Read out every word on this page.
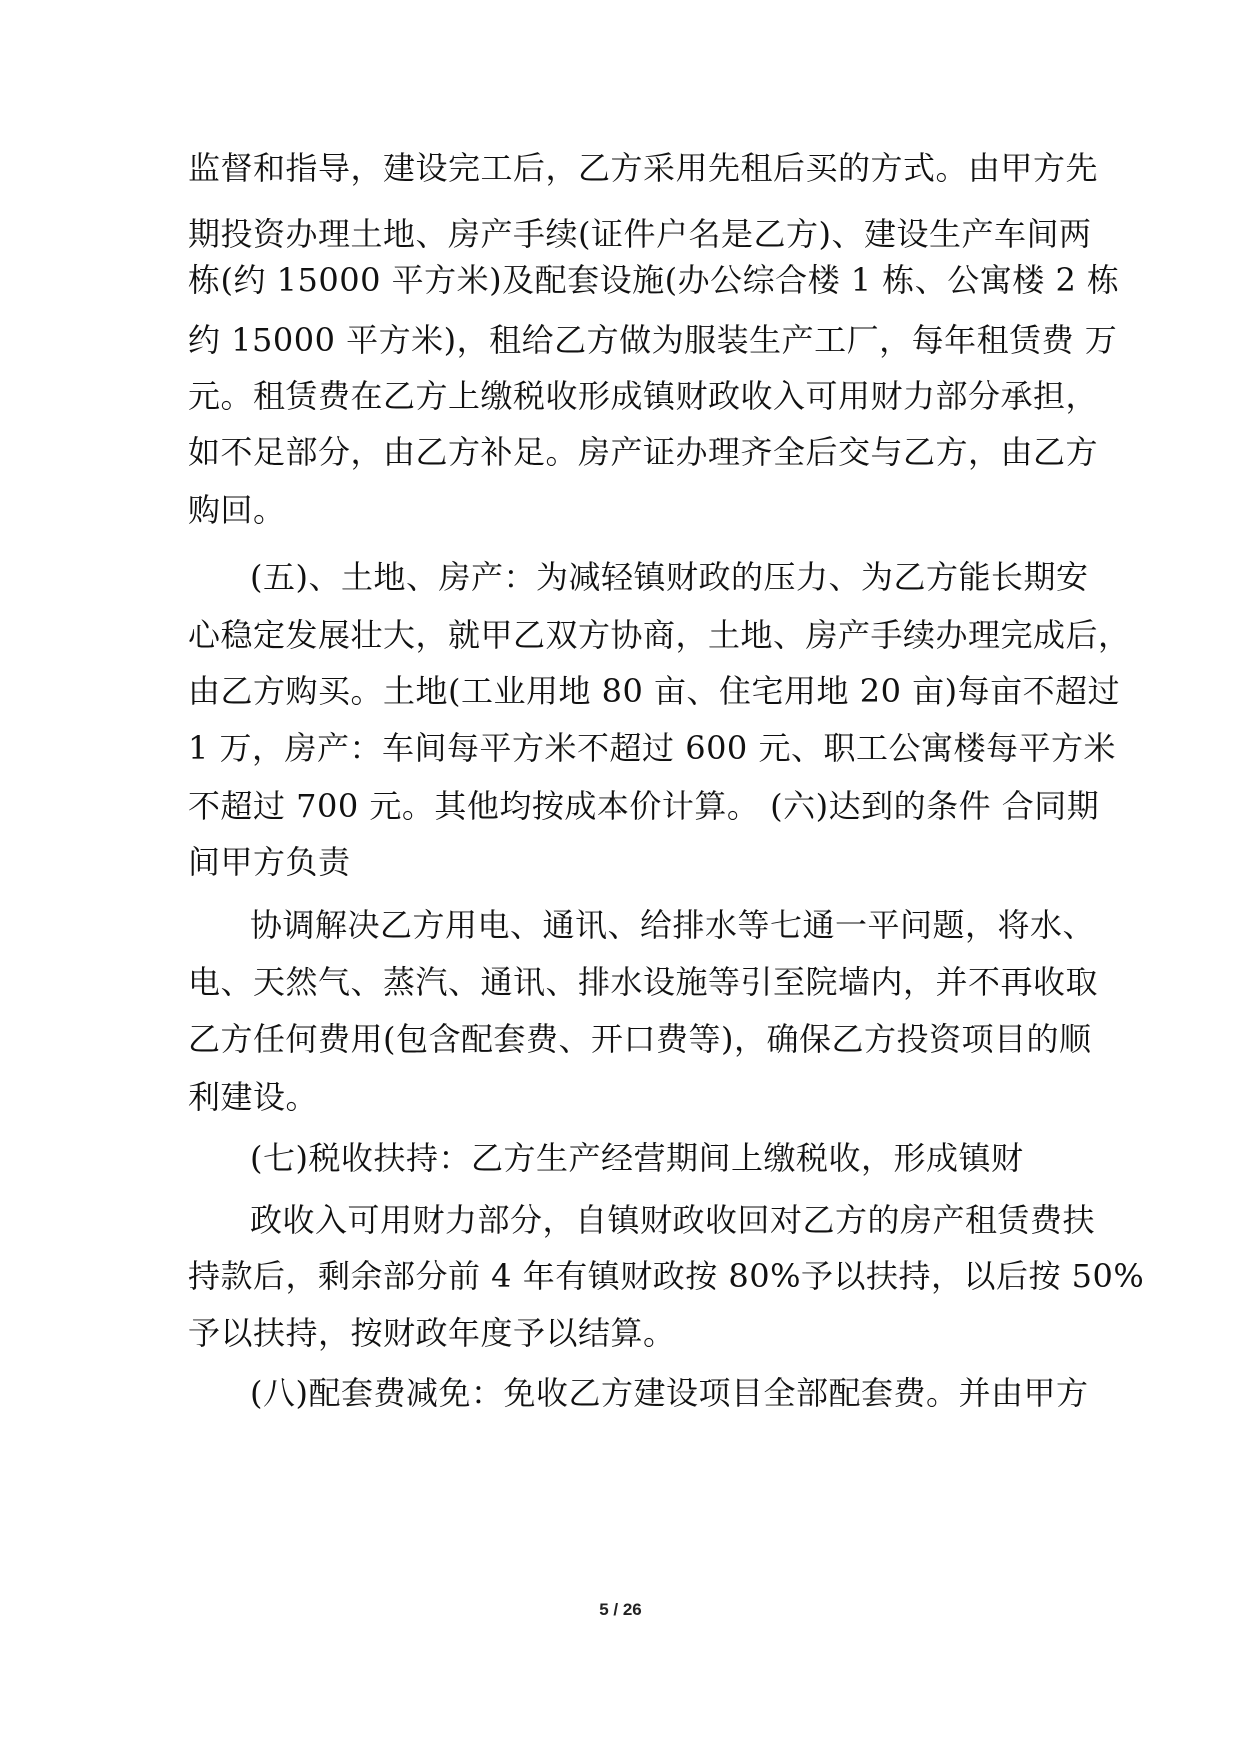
监督和指导，建设完工后，乙方采用先租后买的方式。由甲方先
期投资办理土地、房产手续(证件户名是乙方)、建设生产车间两
栋(约 15000 平方米)及配套设施(办公综合楼 1 栋、公寓楼 2 栋
约 15000 平方米)，租给乙方做为服装生产工厂，每年租赁费 万
元。租赁费在乙方上缴税收形成镇财政收入可用财力部分承担，
如不足部分，由乙方补足。房产证办理齐全后交与乙方，由乙方
购回。
(五)、土地、房产：为减轻镇财政的压力、为乙方能长期安
心稳定发展壮大，就甲乙双方协商，土地、房产手续办理完成后，
由乙方购买。土地(工业用地 80 亩、住宅用地 20 亩)每亩不超过
1 万，房产：车间每平方米不超过 600 元、职工公寓楼每平方米
不超过 700 元。其他均按成本价计算。 (六)达到的条件 合同期
间甲方负责
协调解决乙方用电、通讯、给排水等七通一平问题，将水、
电、天然气、蒸汽、通讯、排水设施等引至院墙内，并不再收取
乙方任何费用(包含配套费、开口费等)，确保乙方投资项目的顺
利建设。
(七)税收扶持：乙方生产经营期间上缴税收，形成镇财
政收入可用财力部分，自镇财政收回对乙方的房产租赁费扶
持款后，剩余部分前 4 年有镇财政按 80%予以扶持，以后按 50%
予以扶持，按财政年度予以结算。
(八)配套费减免：免收乙方建设项目全部配套费。并由甲方
5 / 26
